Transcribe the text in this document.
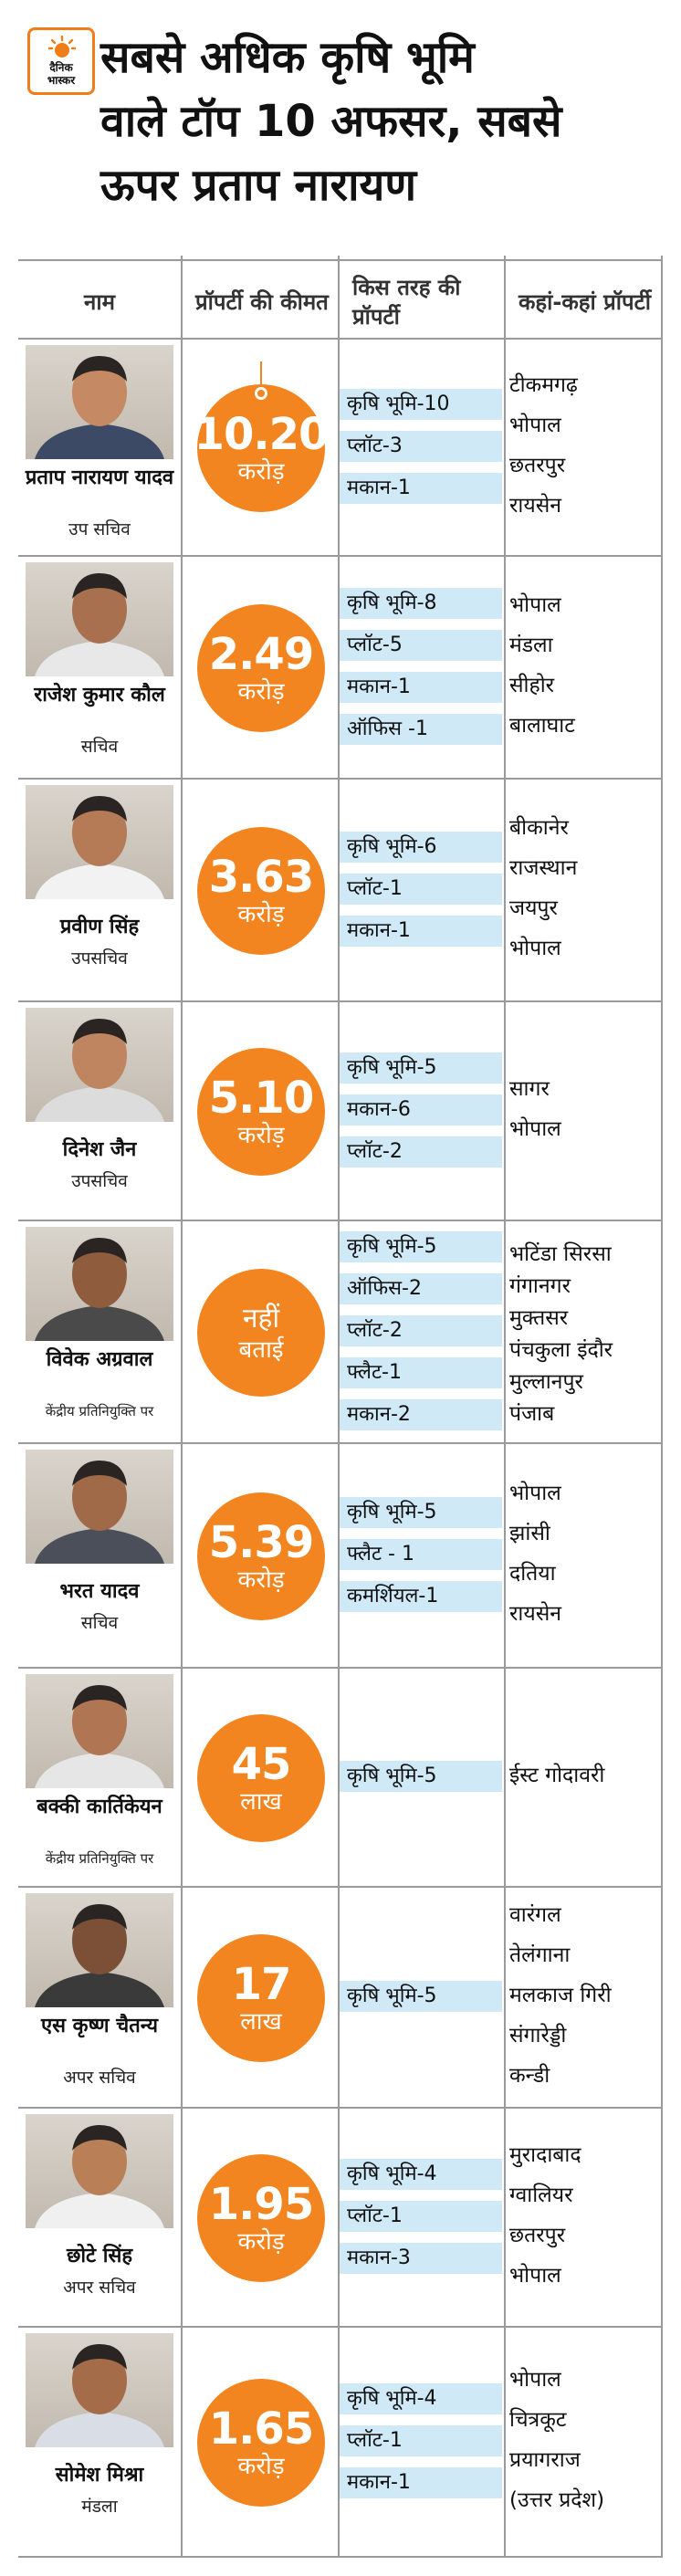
दैनिक
भास्कर सबसे अधिक कृषि भूमि
वाले टॉप 10 अफसर, सबसे
ऊपर प्रताप नारायण
नाम	प्रॉपर्टी की कीमत
किस तरह की प्रॉपर्टी
कहां-कहां प्रॉपर्टी
प्रताप नारायण यादव
उप सचिव
10.20
करोड़
कृषि भूमि-10
प्लॉट-3
मकान-1
टीकमगढ़
भोपाल
छतरपुर
रायसेन
राजेश कुमार कौल
सचिव
2.49
करोड़
कृषि भूमि-8
प्लॉट-5
मकान-1
ऑफिस -1
भोपाल
मंडला
सीहोर
बालाघाट
प्रवीण सिंह
उपसचिव
3.63
करोड़
कृषि भूमि-6
प्लॉट-1
मकान-1
बीकानेर
राजस्थान
जयपुर
भोपाल
दिनेश जैन
उपसचिव
5.10
करोड़
कृषि भूमि-5
मकान-6
प्लॉट-2
सागर
भोपाल
विवेक अग्रवाल
केंद्रीय प्रतिनियुक्ति पर
नहीं
बताई
कृषि भूमि-5
ऑफिस-2
प्लॉट-2
फ्लैट-1
मकान-2
भटिंडा सिरसा
गंगानगर
मुक्तसर
पंचकुला इंदौर
मुल्लानपुर
पंजाब
भरत यादव
सचिव
5.39
करोड़
कृषि भूमि-5
फ्लैट - 1
कमर्शियल-1
भोपाल
झांसी
दतिया
रायसेन
बक्की कार्तिकेयन
केंद्रीय प्रतिनियुक्ति पर
45
लाख
कृषि भूमि-5	ईस्ट गोदावरी
एस कृष्ण चैतन्य
अपर सचिव
17
लाख
कृषि भूमि-5
वारंगल
तेलंगाना
मलकाज गिरी
संगारेड्डी
कन्डी
छोटे सिंह
अपर सचिव
1.95
करोड़
कृषि भूमि-4
प्लॉट-1
मकान-3
मुरादाबाद
ग्वालियर
छतरपुर
भोपाल
सोमेश मिश्रा
मंडला
1.65
करोड़
कृषि भूमि-4
प्लॉट-1
मकान-1
भोपाल
चित्रकूट
प्रयागराज
(उत्तर प्रदेश)
